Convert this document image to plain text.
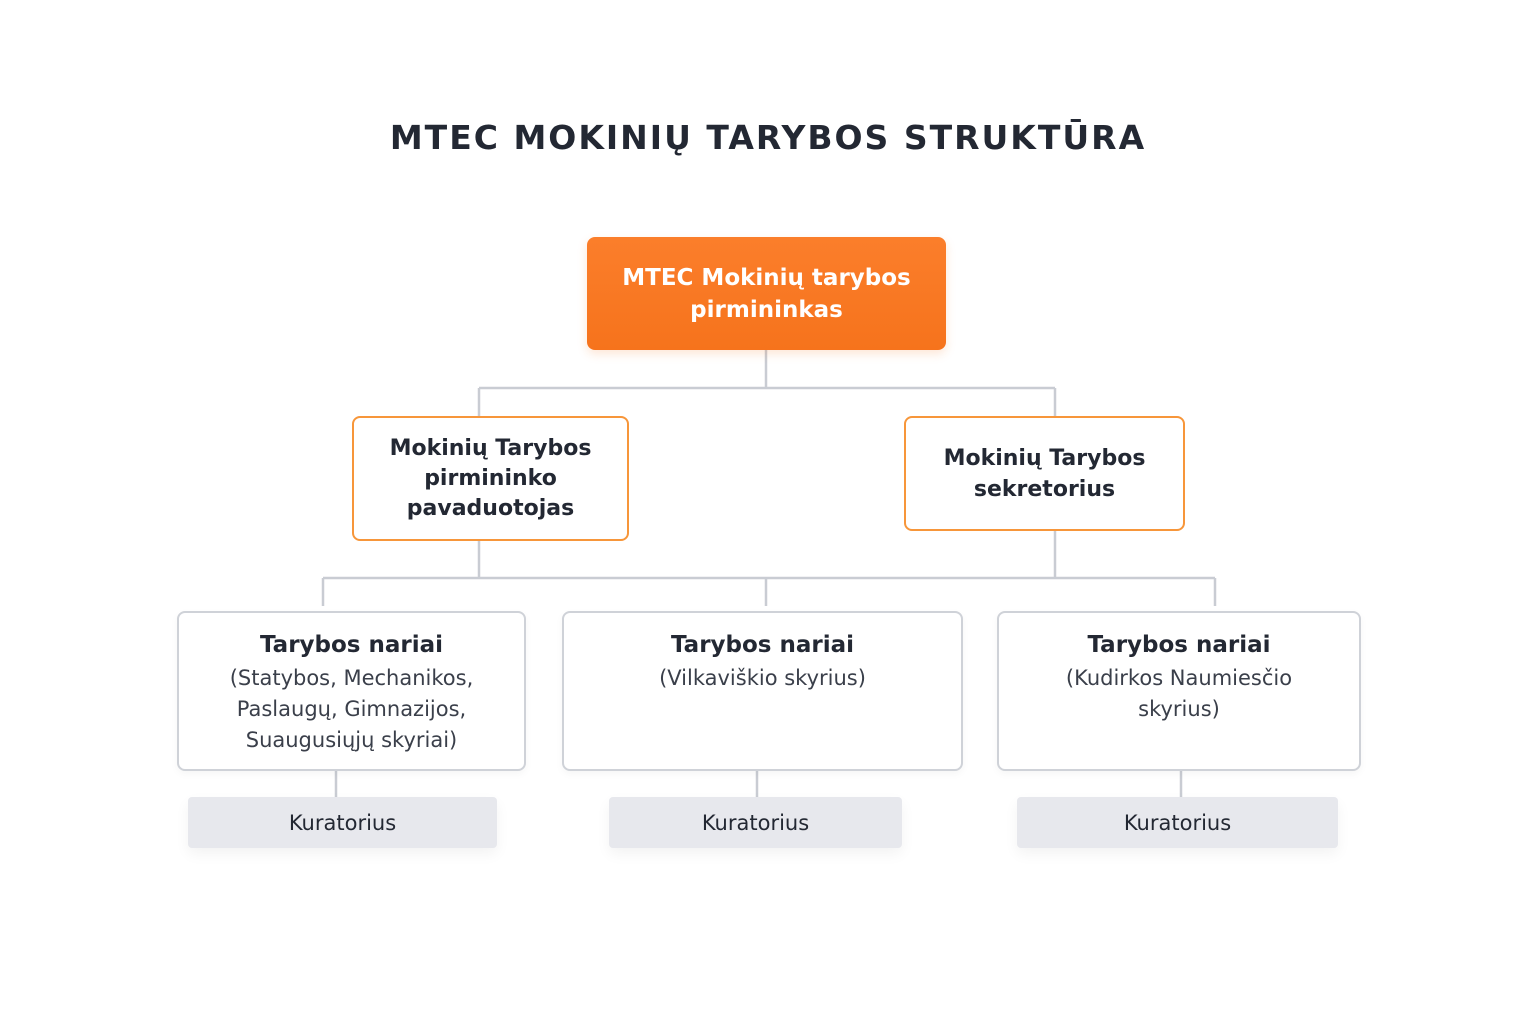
MTEC MOKINIŲ TARYBOS STRUKTŪRA
MTEC Mokinių tarybos
pirmininkas
Mokinių Tarybos
pirmininko
pavaduotojas
Mokinių Tarybos
sekretorius
Tarybos nariai
(Statybos, Mechanikos,
Paslaugų, Gimnazijos,
Suaugusiųjų skyriai)
Tarybos nariai
(Vilkaviškio skyrius)
Tarybos nariai
(Kudirkos Naumiesčio
skyrius)
Kuratorius	Kuratorius	Kuratorius
